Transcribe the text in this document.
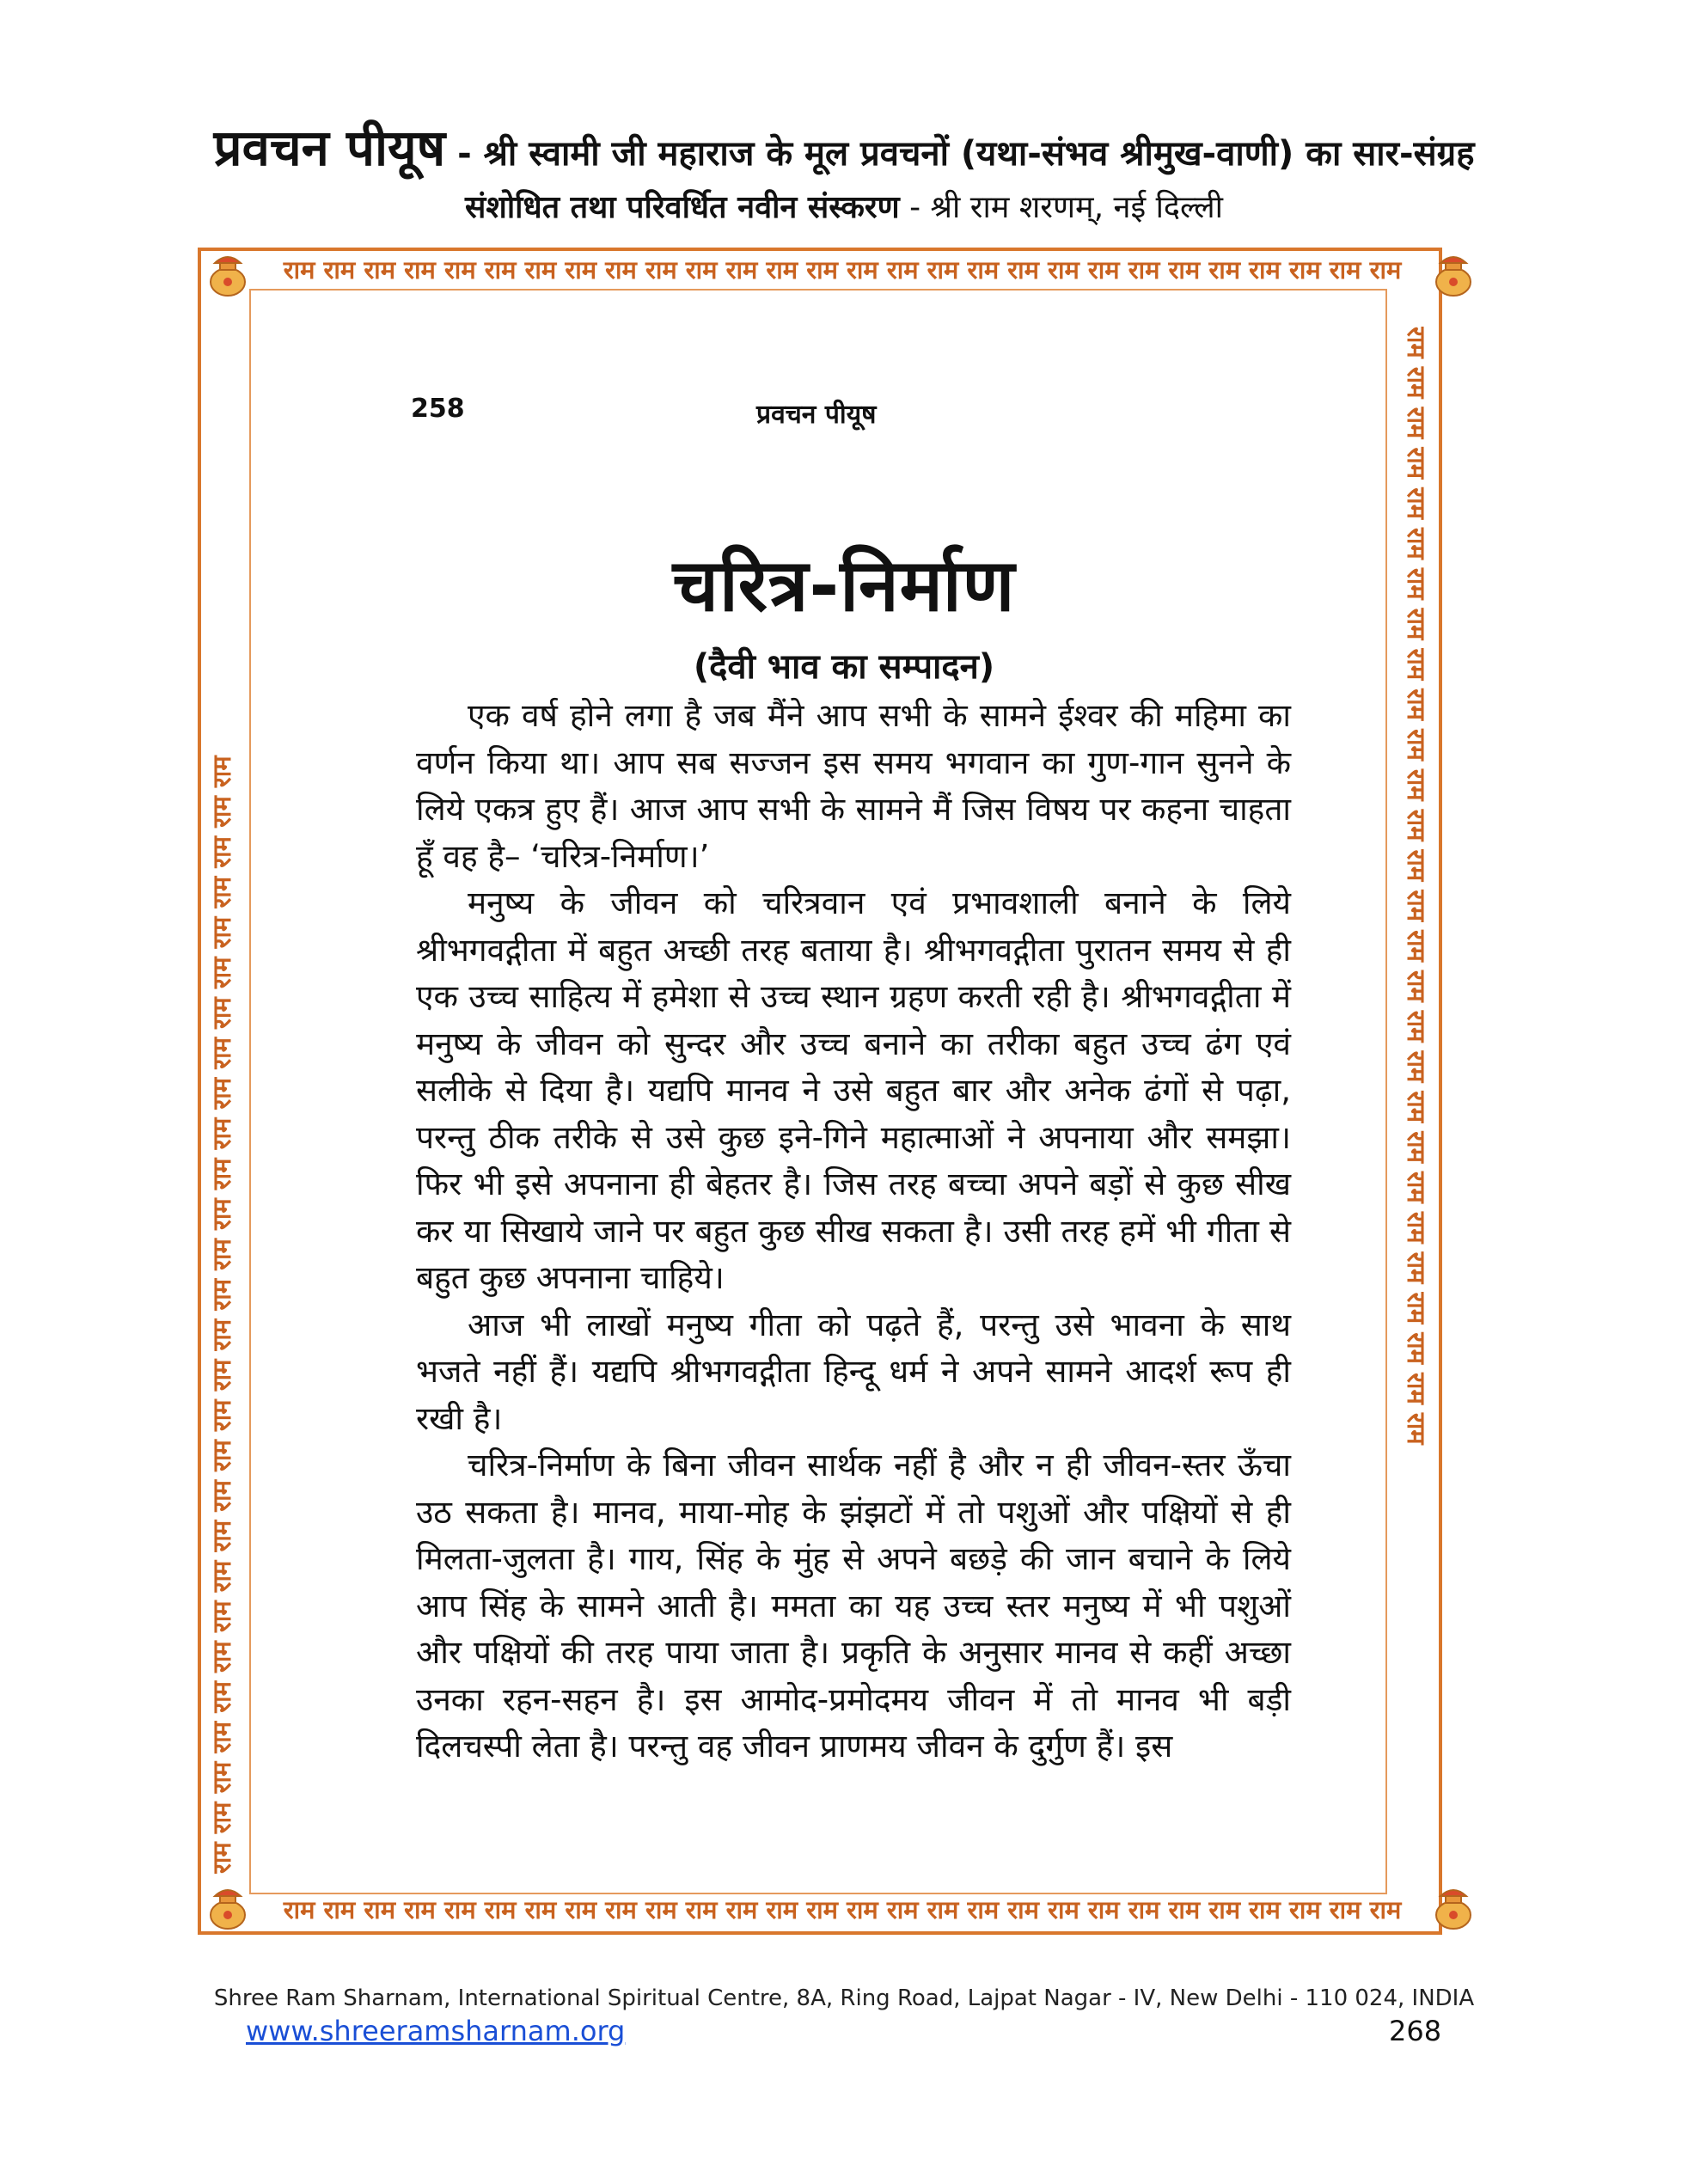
प्रवचन पीयूष - श्री स्वामी जी महाराज के मूल प्रवचनों (यथा-संभव श्रीमुख-वाणी) का सार-संग्रह
संशोधित तथा परिवर्धित नवीन संस्करण - श्री राम शरणम्, नई दिल्ली
राम राम राम राम राम राम राम राम राम राम राम राम राम राम राम राम राम राम राम राम राम राम राम राम राम राम राम राम
राम राम राम राम राम राम राम राम राम राम राम राम राम राम राम राम राम राम राम राम राम राम राम राम राम राम राम राम
राम राम राम राम राम राम राम राम राम राम राम राम राम राम राम राम राम राम राम राम राम राम राम राम राम राम राम राम	राम राम राम राम राम राम राम राम राम राम राम राम राम राम राम राम राम राम राम राम राम राम राम राम राम राम राम राम
258	प्रवचन पीयूष
चरित्र-निर्माण
(दैवी भाव का सम्पादन)

एक वर्ष होने लगा है जब मैंने आप सभी के सामने ईश्वर की महिमा का वर्णन किया था। आप सब सज्जन इस समय भगवान का गुण-गान सुनने के लिये एकत्र हुए हैं। आज आप सभी के सामने मैं जिस विषय पर कहना चाहता हूँ वह है– ‘चरित्र-निर्माण।’

मनुष्य के जीवन को चरित्रवान एवं प्रभावशाली बनाने के लिये श्रीभगवद्गीता में बहुत अच्छी तरह बताया है। श्रीभगवद्गीता पुरातन समय से ही एक उच्च साहित्य में हमेशा से उच्च स्थान ग्रहण करती रही है। श्रीभगवद्गीता में मनुष्य के जीवन को सुन्दर और उच्च बनाने का तरीका बहुत उच्च ढंग एवं सलीके से दिया है। यद्यपि मानव ने उसे बहुत बार और अनेक ढंगों से पढ़ा, परन्तु ठीक तरीके से उसे कुछ इने-गिने महात्माओं ने अपनाया और समझा। फिर भी इसे अपनाना ही बेहतर है। जिस तरह बच्चा अपने बड़ों से कुछ सीख कर या सिखाये जाने पर बहुत कुछ सीख सकता है। उसी तरह हमें भी गीता से बहुत कुछ अपनाना चाहिये।

आज भी लाखों मनुष्य गीता को पढ़ते हैं, परन्तु उसे भावना के साथ भजते नहीं हैं। यद्यपि श्रीभगवद्गीता हिन्दू धर्म ने अपने सामने आदर्श रूप ही रखी है।

चरित्र-निर्माण के बिना जीवन सार्थक नहीं है और न ही जीवन-स्तर ऊँचा उठ सकता है। मानव, माया-मोह के झंझटों में तो पशुओं और पक्षियों से ही मिलता-जुलता है। गाय, सिंह के मुंह से अपने बछड़े की जान बचाने के लिये आप सिंह के सामने आती है। ममता का यह उच्च स्तर मनुष्य में भी पशुओं और पक्षियों की तरह पाया जाता है। प्रकृति के अनुसार मानव से कहीं अच्छा उनका रहन-सहन है। इस आमोद-प्रमोदमय जीवन में तो मानव भी बड़ी दिलचस्पी लेता है। परन्तु वह जीवन प्राणमय जीवन के दुर्गुण हैं। इस

Shree Ram Sharnam, International Spiritual Centre, 8A, Ring Road, Lajpat Nagar - IV, New Delhi - 110 024, INDIA
www.shreeramsharnam.org	268
